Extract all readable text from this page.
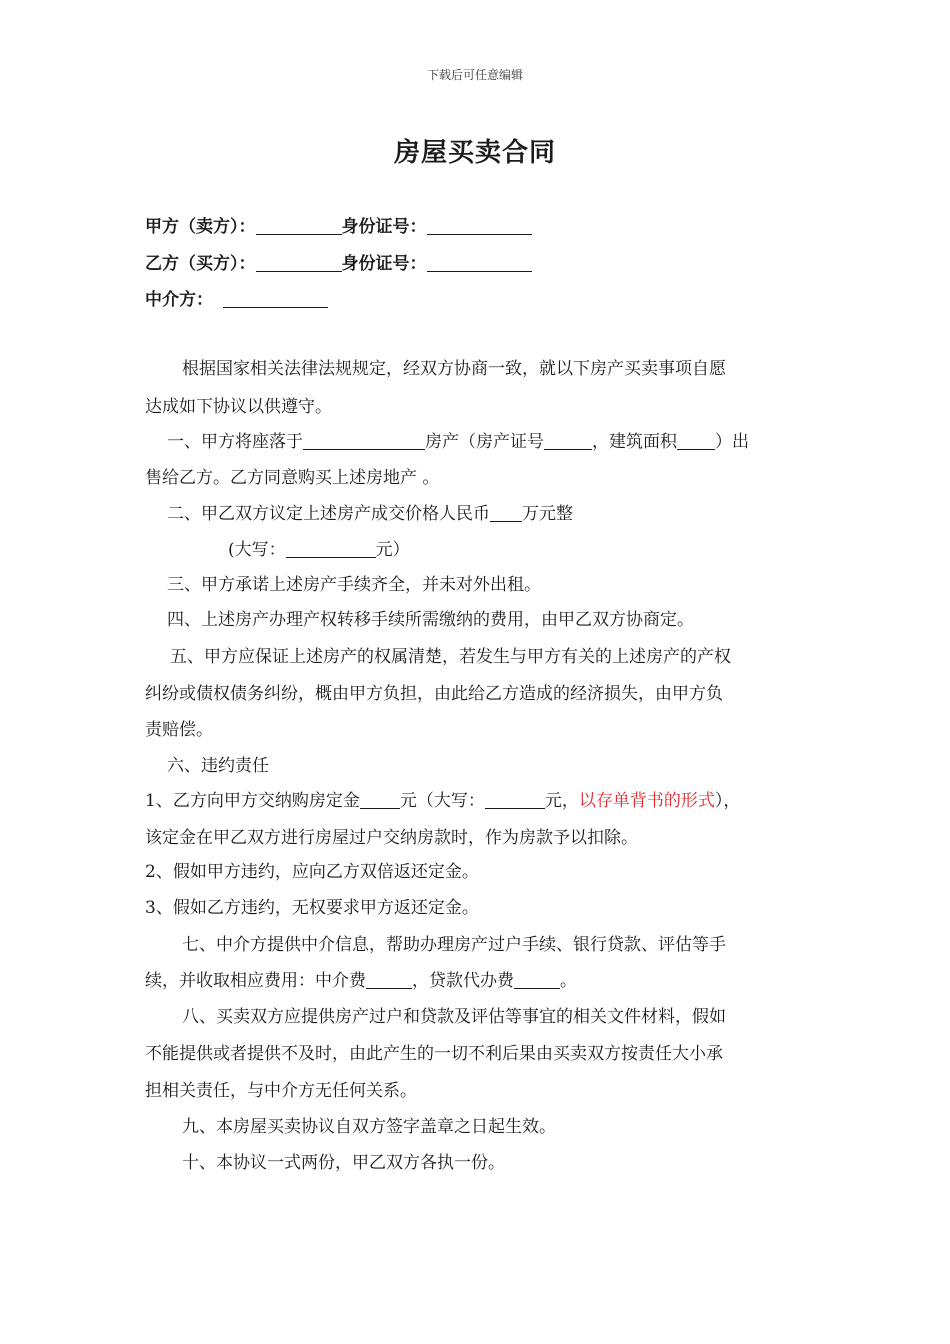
下载后可任意编辑
房屋买卖合同
甲方（卖方）：	身份证号：
乙方（买方）：	身份证号：
中介方：
根据国家相关法律法规规定，经双方协商一致，就以下房产买卖事项自愿
达成如下协议以供遵守。
一、甲方将座落于	房产（房产证号	，建筑面积 ）出
售给乙方。乙方同意购买上述房地产 。
二、甲乙双方议定上述房产成交价格人民币 万元整
(大写：	元）
三、甲方承诺上述房产手续齐全，并未对外出租。
四、上述房产办理产权转移手续所需缴纳的费用，由甲乙双方协商定。
五、甲方应保证上述房产的权属清楚，若发生与甲方有关的上述房产的产权
纠纷或债权债务纠纷，概由甲方负担，由此给乙方造成的经济损失，由甲方负
责赔偿。
六、违约责任
1、乙方向甲方交纳购房定金 元（大写：	元，以存单背书的形式），
该定金在甲乙双方进行房屋过户交纳房款时，作为房款予以扣除。
2、假如甲方违约，应向乙方双倍返还定金。
3、假如乙方违约，无权要求甲方返还定金。
七、中介方提供中介信息，帮助办理房产过户手续、银行贷款、评估等手
续，并收取相应费用：中介费	，贷款代办费	。
八、买卖双方应提供房产过户和贷款及评估等事宜的相关文件材料，假如
不能提供或者提供不及时，由此产生的一切不利后果由买卖双方按责任大小承
担相关责任，与中介方无任何关系。
九、本房屋买卖协议自双方签字盖章之日起生效。
十、本协议一式两份，甲乙双方各执一份。
